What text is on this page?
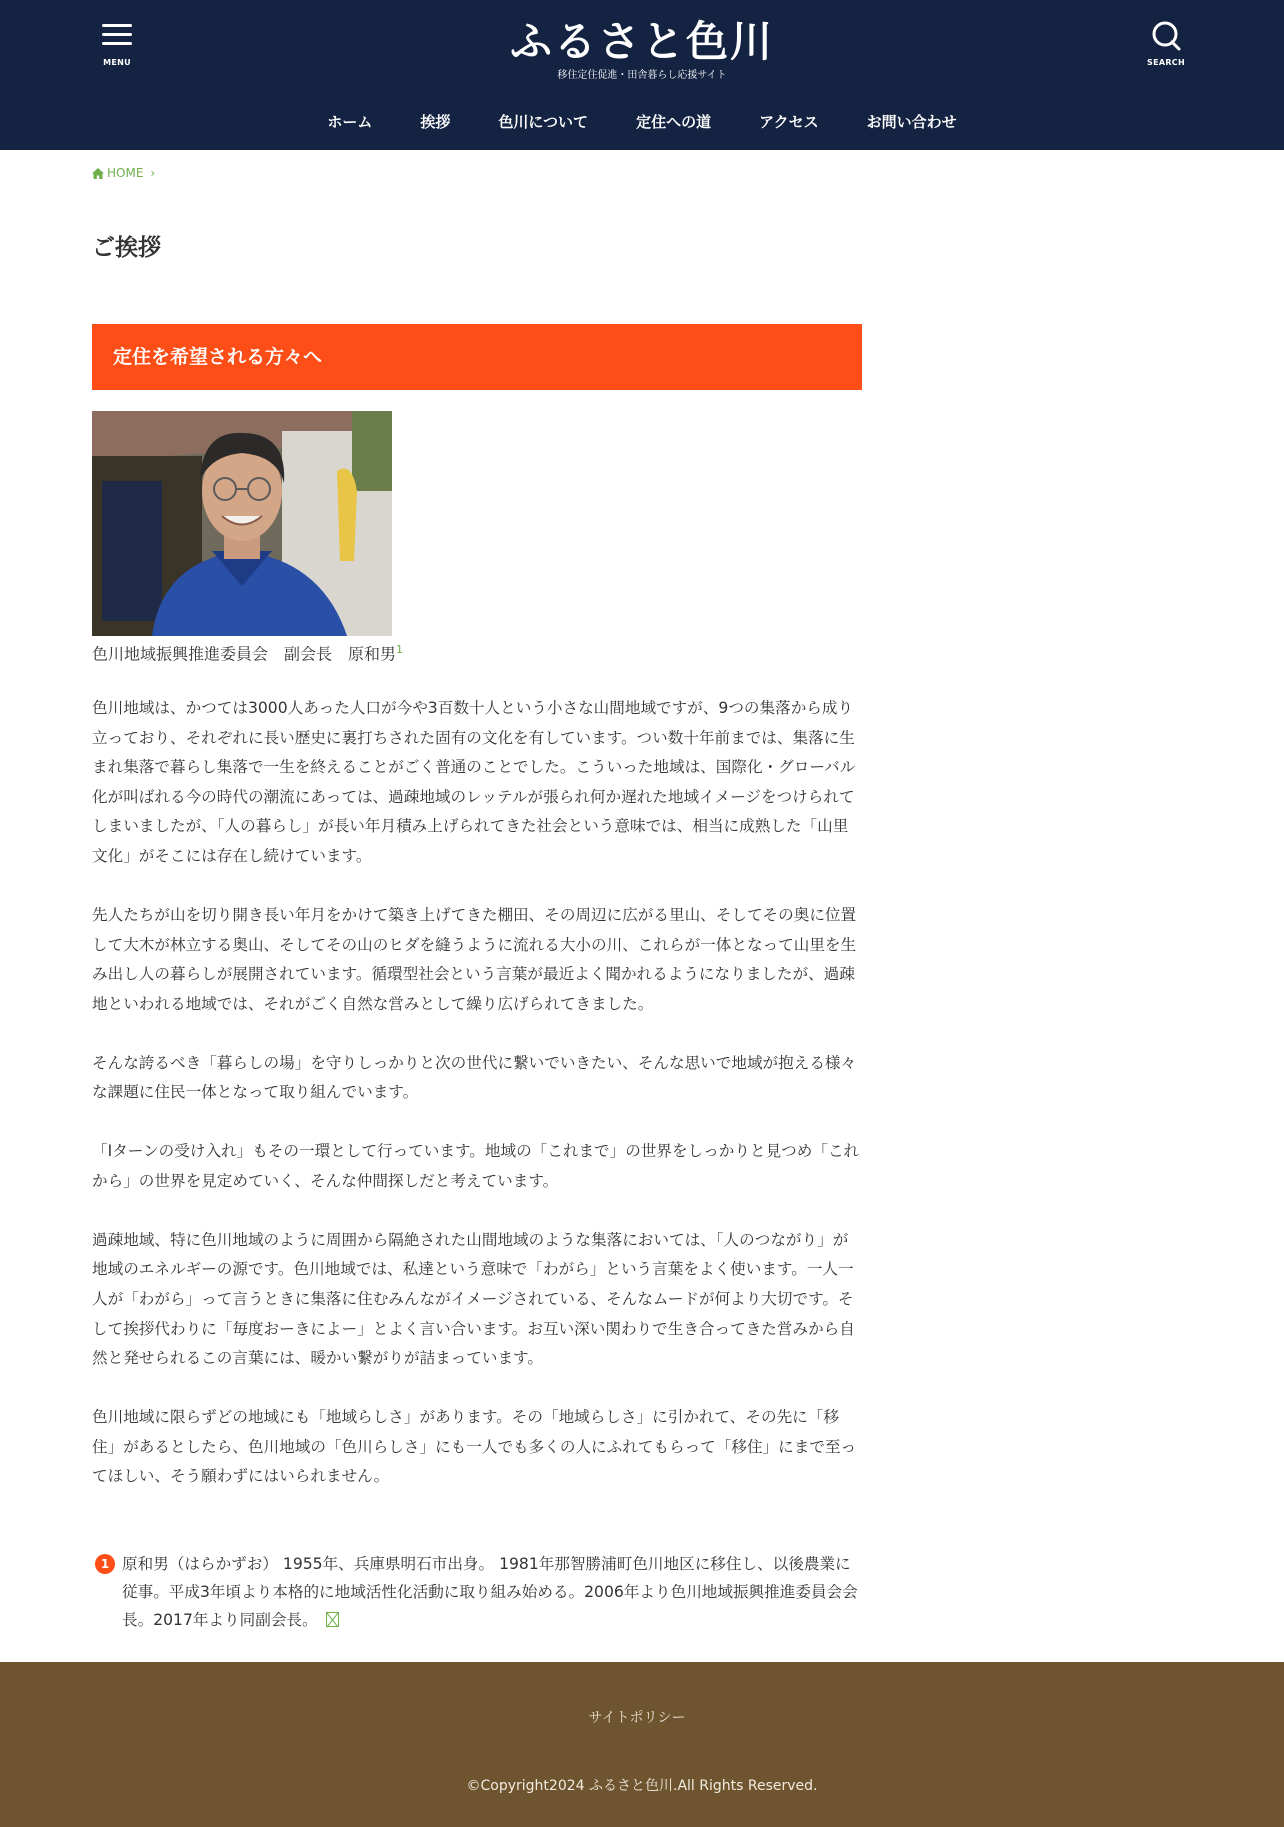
MENU	ふるさと色川
移住定住促進・田舎暮らし応援サイト
SEARCH
ホーム	挨拶	色川について	定住への道	アクセス	お問い合わせ
HOME ›
ご挨拶
定住を希望される方々へ
色川地域振興推進委員会　副会長　原和男$^1$

色川地域は、かつては3000人あった人口が今や3百数十人という小さな山間地域ですが、9つの集落から成り立っており、それぞれに長い歴史に裏打ちされた固有の文化を有しています。つい数十年前までは、集落に生まれ集落で暮らし集落で一生を終えることがごく普通のことでした。こういった地域は、国際化・グローバル化が叫ばれる今の時代の潮流にあっては、過疎地域のレッテルが張られ何か遅れた地域イメージをつけられてしまいましたが、「人の暮らし」が長い年月積み上げられてきた社会という意味では、相当に成熟した「山里文化」がそこには存在し続けています。

先人たちが山を切り開き長い年月をかけて築き上げてきた棚田、その周辺に広がる里山、そしてその奥に位置して大木が林立する奥山、そしてその山のヒダを縫うように流れる大小の川、これらが一体となって山里を生み出し人の暮らしが展開されています。循環型社会という言葉が最近よく聞かれるようになりましたが、過疎地といわれる地域では、それがごく自然な営みとして繰り広げられてきました。

そんな誇るべき「暮らしの場」を守りしっかりと次の世代に繋いでいきたい、そんな思いで地域が抱える様々な課題に住民一体となって取り組んでいます。

「Iターンの受け入れ」もその一環として行っています。地域の「これまで」の世界をしっかりと見つめ「これから」の世界を見定めていく、そんな仲間探しだと考えています。

過疎地域、特に色川地域のように周囲から隔絶された山間地域のような集落においては、「人のつながり」が地域のエネルギーの源です。色川地域では、私達という意味で「わがら」という言葉をよく使います。一人一人が「わがら」って言うときに集落に住むみんながイメージされている、そんなムードが何より大切です。そして挨拶代わりに「毎度おーきによー」とよく言い合います。お互い深い関わりで生き合ってきた営みから自然と発せられるこの言葉には、暖かい繋がりが詰まっています。

色川地域に限らずどの地域にも「地域らしさ」があります。その「地域らしさ」に引かれて、その先に「移住」があるとしたら、色川地域の「色川らしさ」にも一人でも多くの人にふれてもらって「移住」にまで至ってほしい、そう願わずにはいられません。

1 原和男（はらかずお） 1955年、兵庫県明石市出身。 1981年那智勝浦町色川地区に移住し、以後農業に従事。平成3年頃より本格的に地域活性化活動に取り組み始める。2006年より色川地域振興推進委員会会長。2017年より同副会長。
サイトポリシー
©Copyright2024 ふるさと色川.All Rights Reserved.
